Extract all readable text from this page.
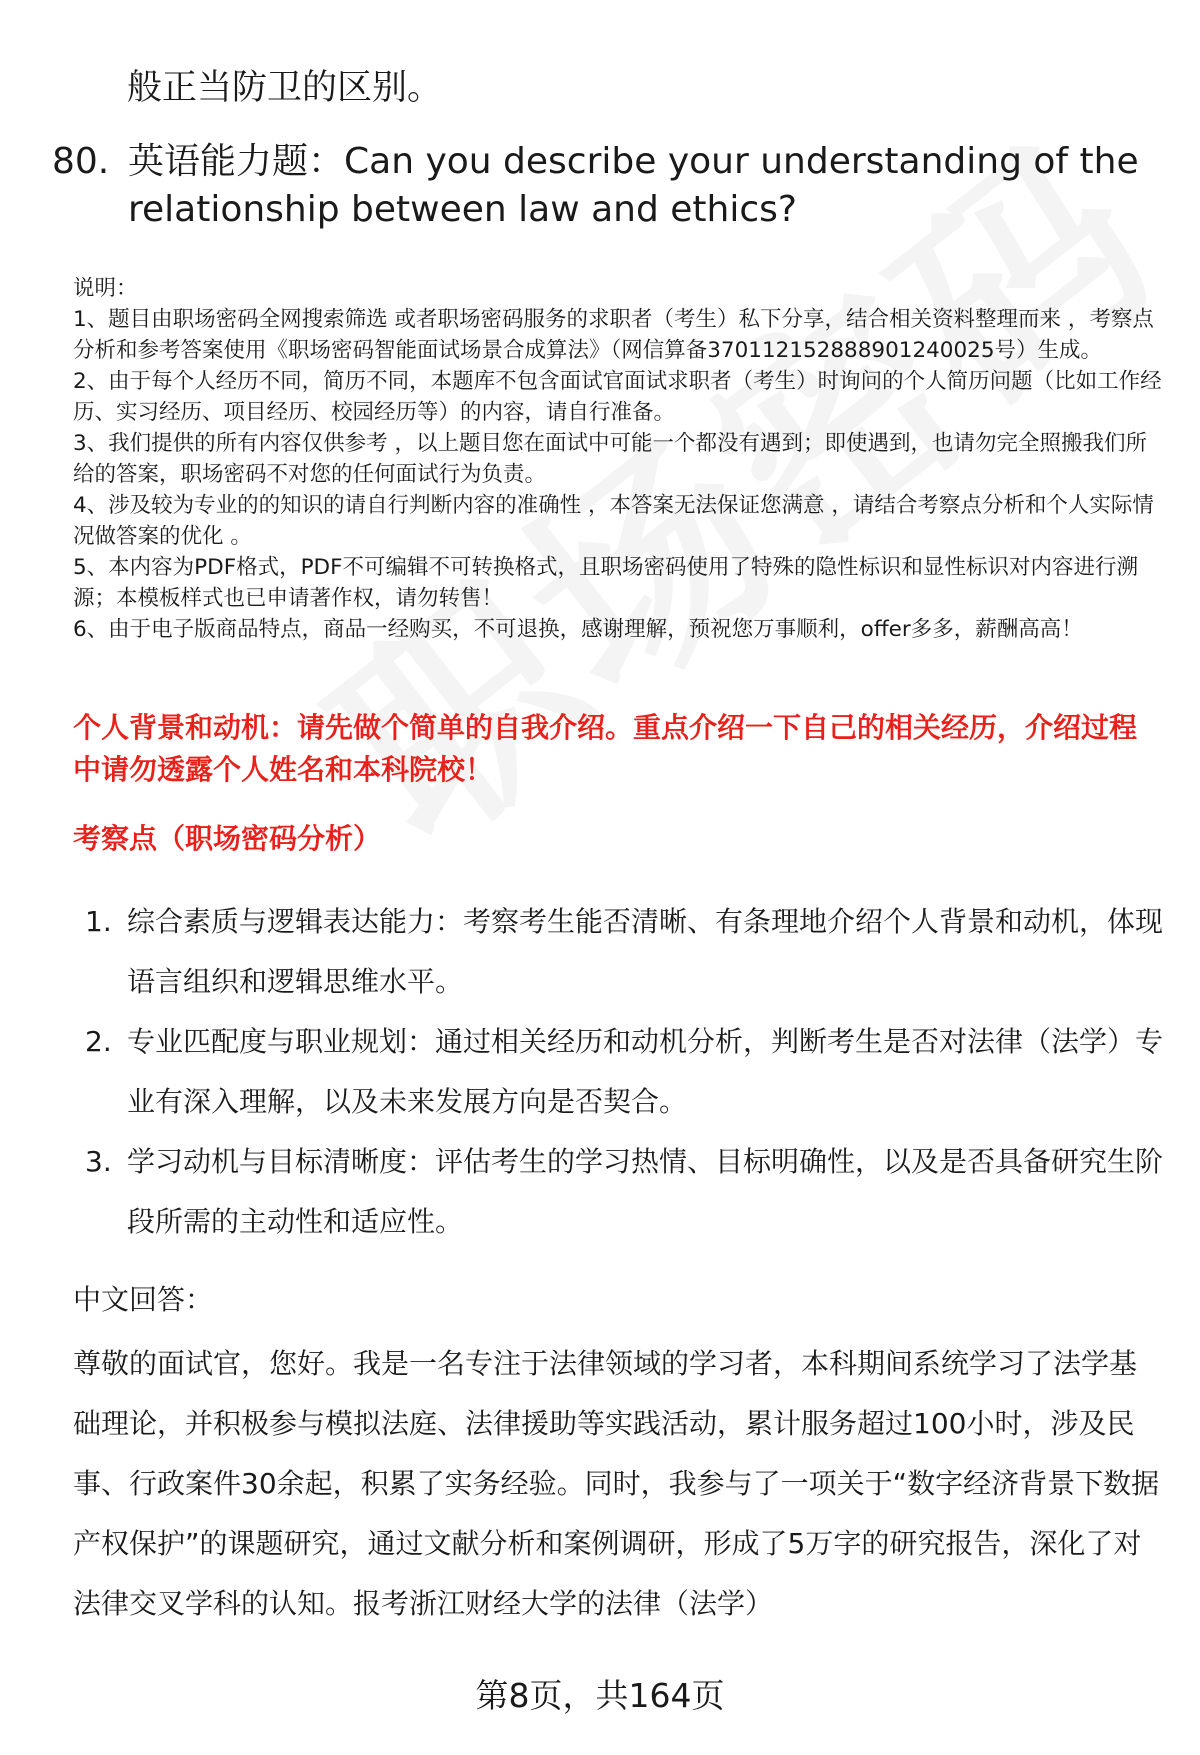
般正当防卫的区别。
80. 英语能力题：Can you describe your understanding of the relationship between law and ethics?
说明：
1、题目由职场密码全网搜索筛选 或者职场密码服务的求职者（考生）私下分享，结合相关资料整理而来 ，考察点分析和参考答案使用《职场密码智能面试场景合成算法》（网信算备370112152888901240025号）生成。
2、由于每个人经历不同，简历不同，本题库不包含面试官面试求职者（考生）时询问的个人简历问题（比如工作经历、实习经历、项目经历、校园经历等）的内容，请自行准备。
3、我们提供的所有内容仅供参考 ，以上题目您在面试中可能一个都没有遇到；即使遇到，也请勿完全照搬我们所给的答案，职场密码不对您的任何面试行为负责。
4、涉及较为专业的的知识的请自行判断内容的准确性 ，本答案无法保证您满意 ，请结合考察点分析和个人实际情况做答案的优化 。
5、本内容为PDF格式，PDF不可编辑不可转换格式，且职场密码使用了特殊的隐性标识和显性标识对内容进行溯源；本模板样式也已申请著作权，请勿转售！
6、由于电子版商品特点，商品一经购买，不可退换，感谢理解，预祝您万事顺利，offer多多，薪酬高高！
个人背景和动机：请先做个简单的自我介绍。重点介绍一下自己的相关经历，介绍过程中请勿透露个人姓名和本科院校！
考察点（职场密码分析）
1. 综合素质与逻辑表达能力：考察考生能否清晰、有条理地介绍个人背景和动机，体现语言组织和逻辑思维水平。
2. 专业匹配度与职业规划：通过相关经历和动机分析，判断考生是否对法律（法学）专业有深入理解，以及未来发展方向是否契合。
3. 学习动机与目标清晰度：评估考生的学习热情、目标明确性，以及是否具备研究生阶段所需的主动性和适应性。
中文回答：
尊敬的面试官，您好。我是一名专注于法律领域的学习者，本科期间系统学习了法学基础理论，并积极参与模拟法庭、法律援助等实践活动，累计服务超过100小时，涉及民事、行政案件30余起，积累了实务经验。同时，我参与了一项关于“数字经济背景下数据产权保护”的课题研究，通过文献分析和案例调研，形成了5万字的研究报告，深化了对法律交叉学科的认知。报考浙江财经大学的法律（法学）
第8页，共164页
